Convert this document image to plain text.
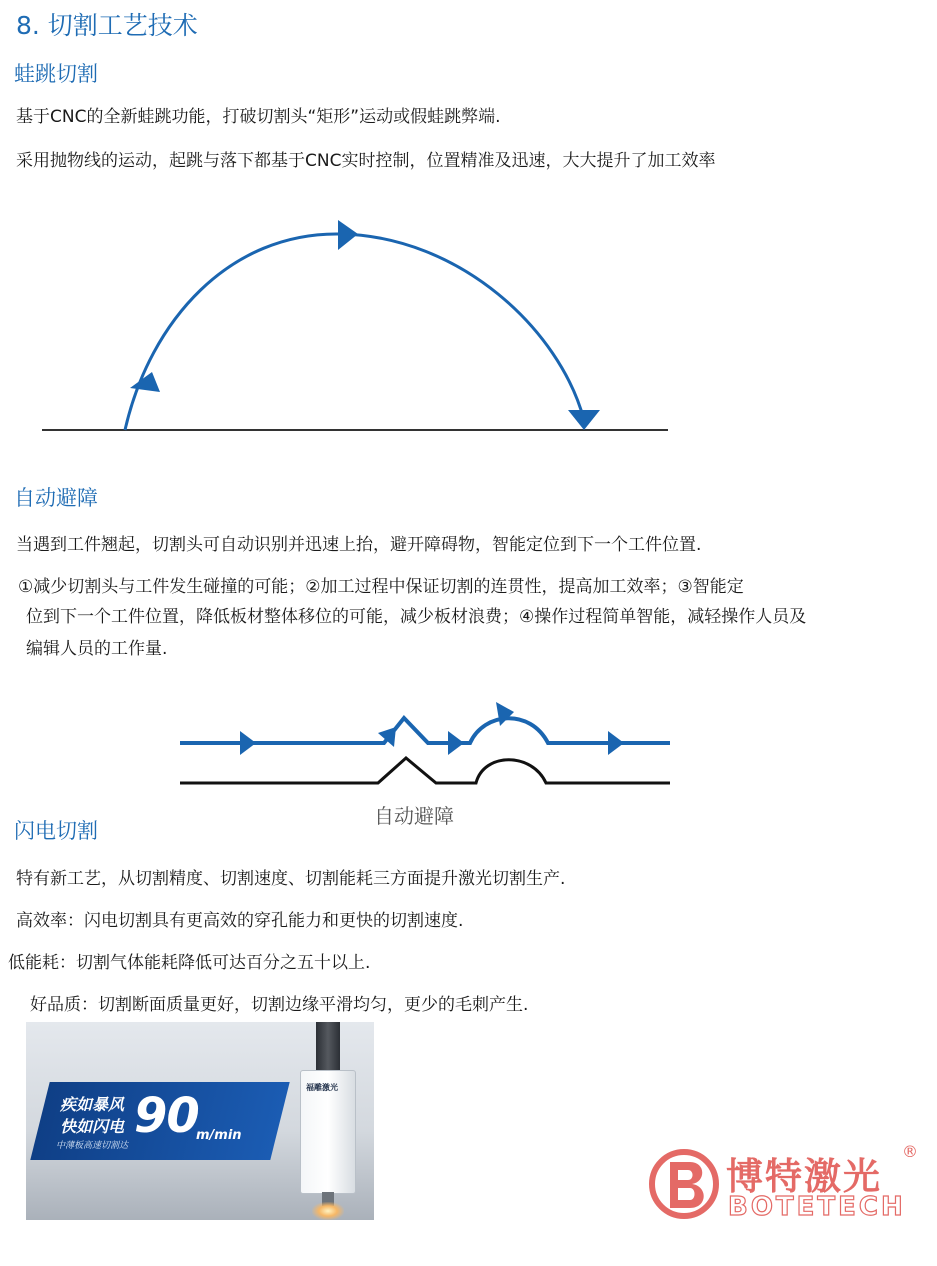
8. 切割工艺技术
蛙跳切割
基于CNC的全新蛙跳功能，打破切割头“矩形”运动或假蛙跳弊端.
采用抛物线的运动，起跳与落下都基于CNC实时控制，位置精准及迅速，大大提升了加工效率
自动避障
当遇到工件翘起，切割头可自动识别并迅速上抬，避开障碍物，智能定位到下一个工件位置.
①减少切割头与工件发生碰撞的可能；②加工过程中保证切割的连贯性，提高加工效率；③智能定
位到下一个工件位置，降低板材整体移位的可能，减少板材浪费；④操作过程简单智能，减轻操作人员及
编辑人员的工作量.
自动避障
闪电切割
特有新工艺，从切割精度、切割速度、切割能耗三方面提升激光切割生产.
高效率：闪电切割具有更高效的穿孔能力和更快的切割速度.
低能耗：切割气体能耗降低可达百分之五十以上.
好品质：切割断面质量更好，切割边缘平滑均匀，更少的毛刺产生.
福雕激光
疾如暴风
快如闪电
中薄板高速切割达
90
m/min
博特激光
BOTETECH
®
